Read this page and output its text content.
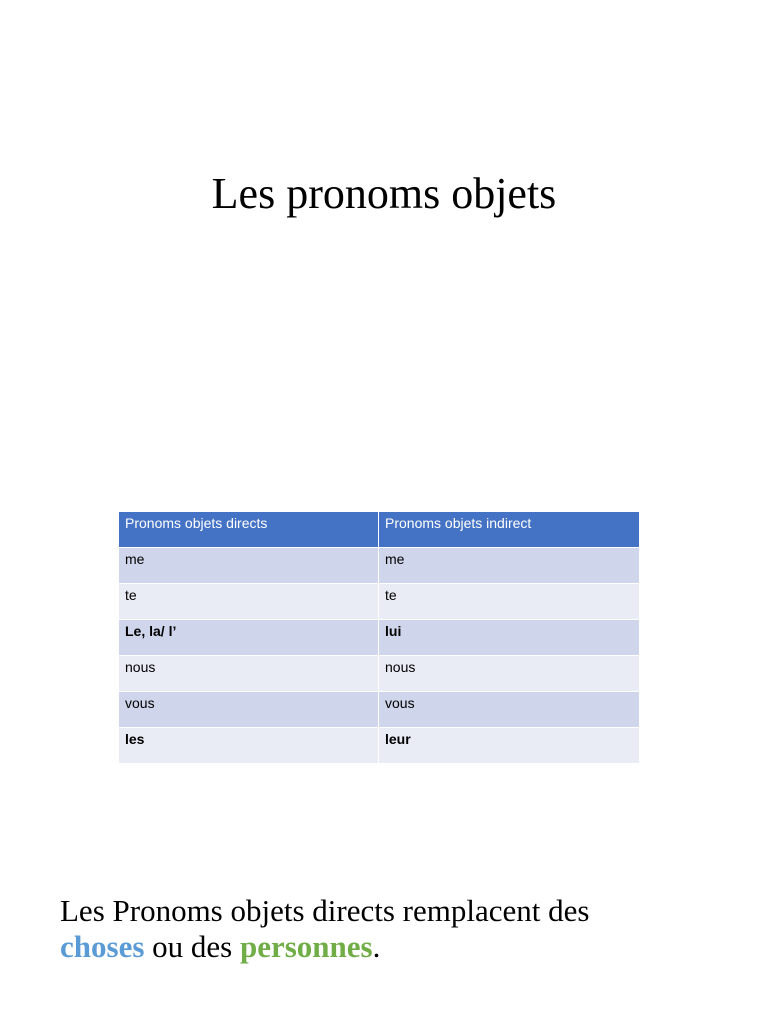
Les pronoms objets
Pronoms objets directs	Pronoms objets indirect
me	me
te	te
Le, la/ l’	lui
nous	nous
vous	vous
les	leur

Les Pronoms objets directs remplacent des
choses ou des personnes.
